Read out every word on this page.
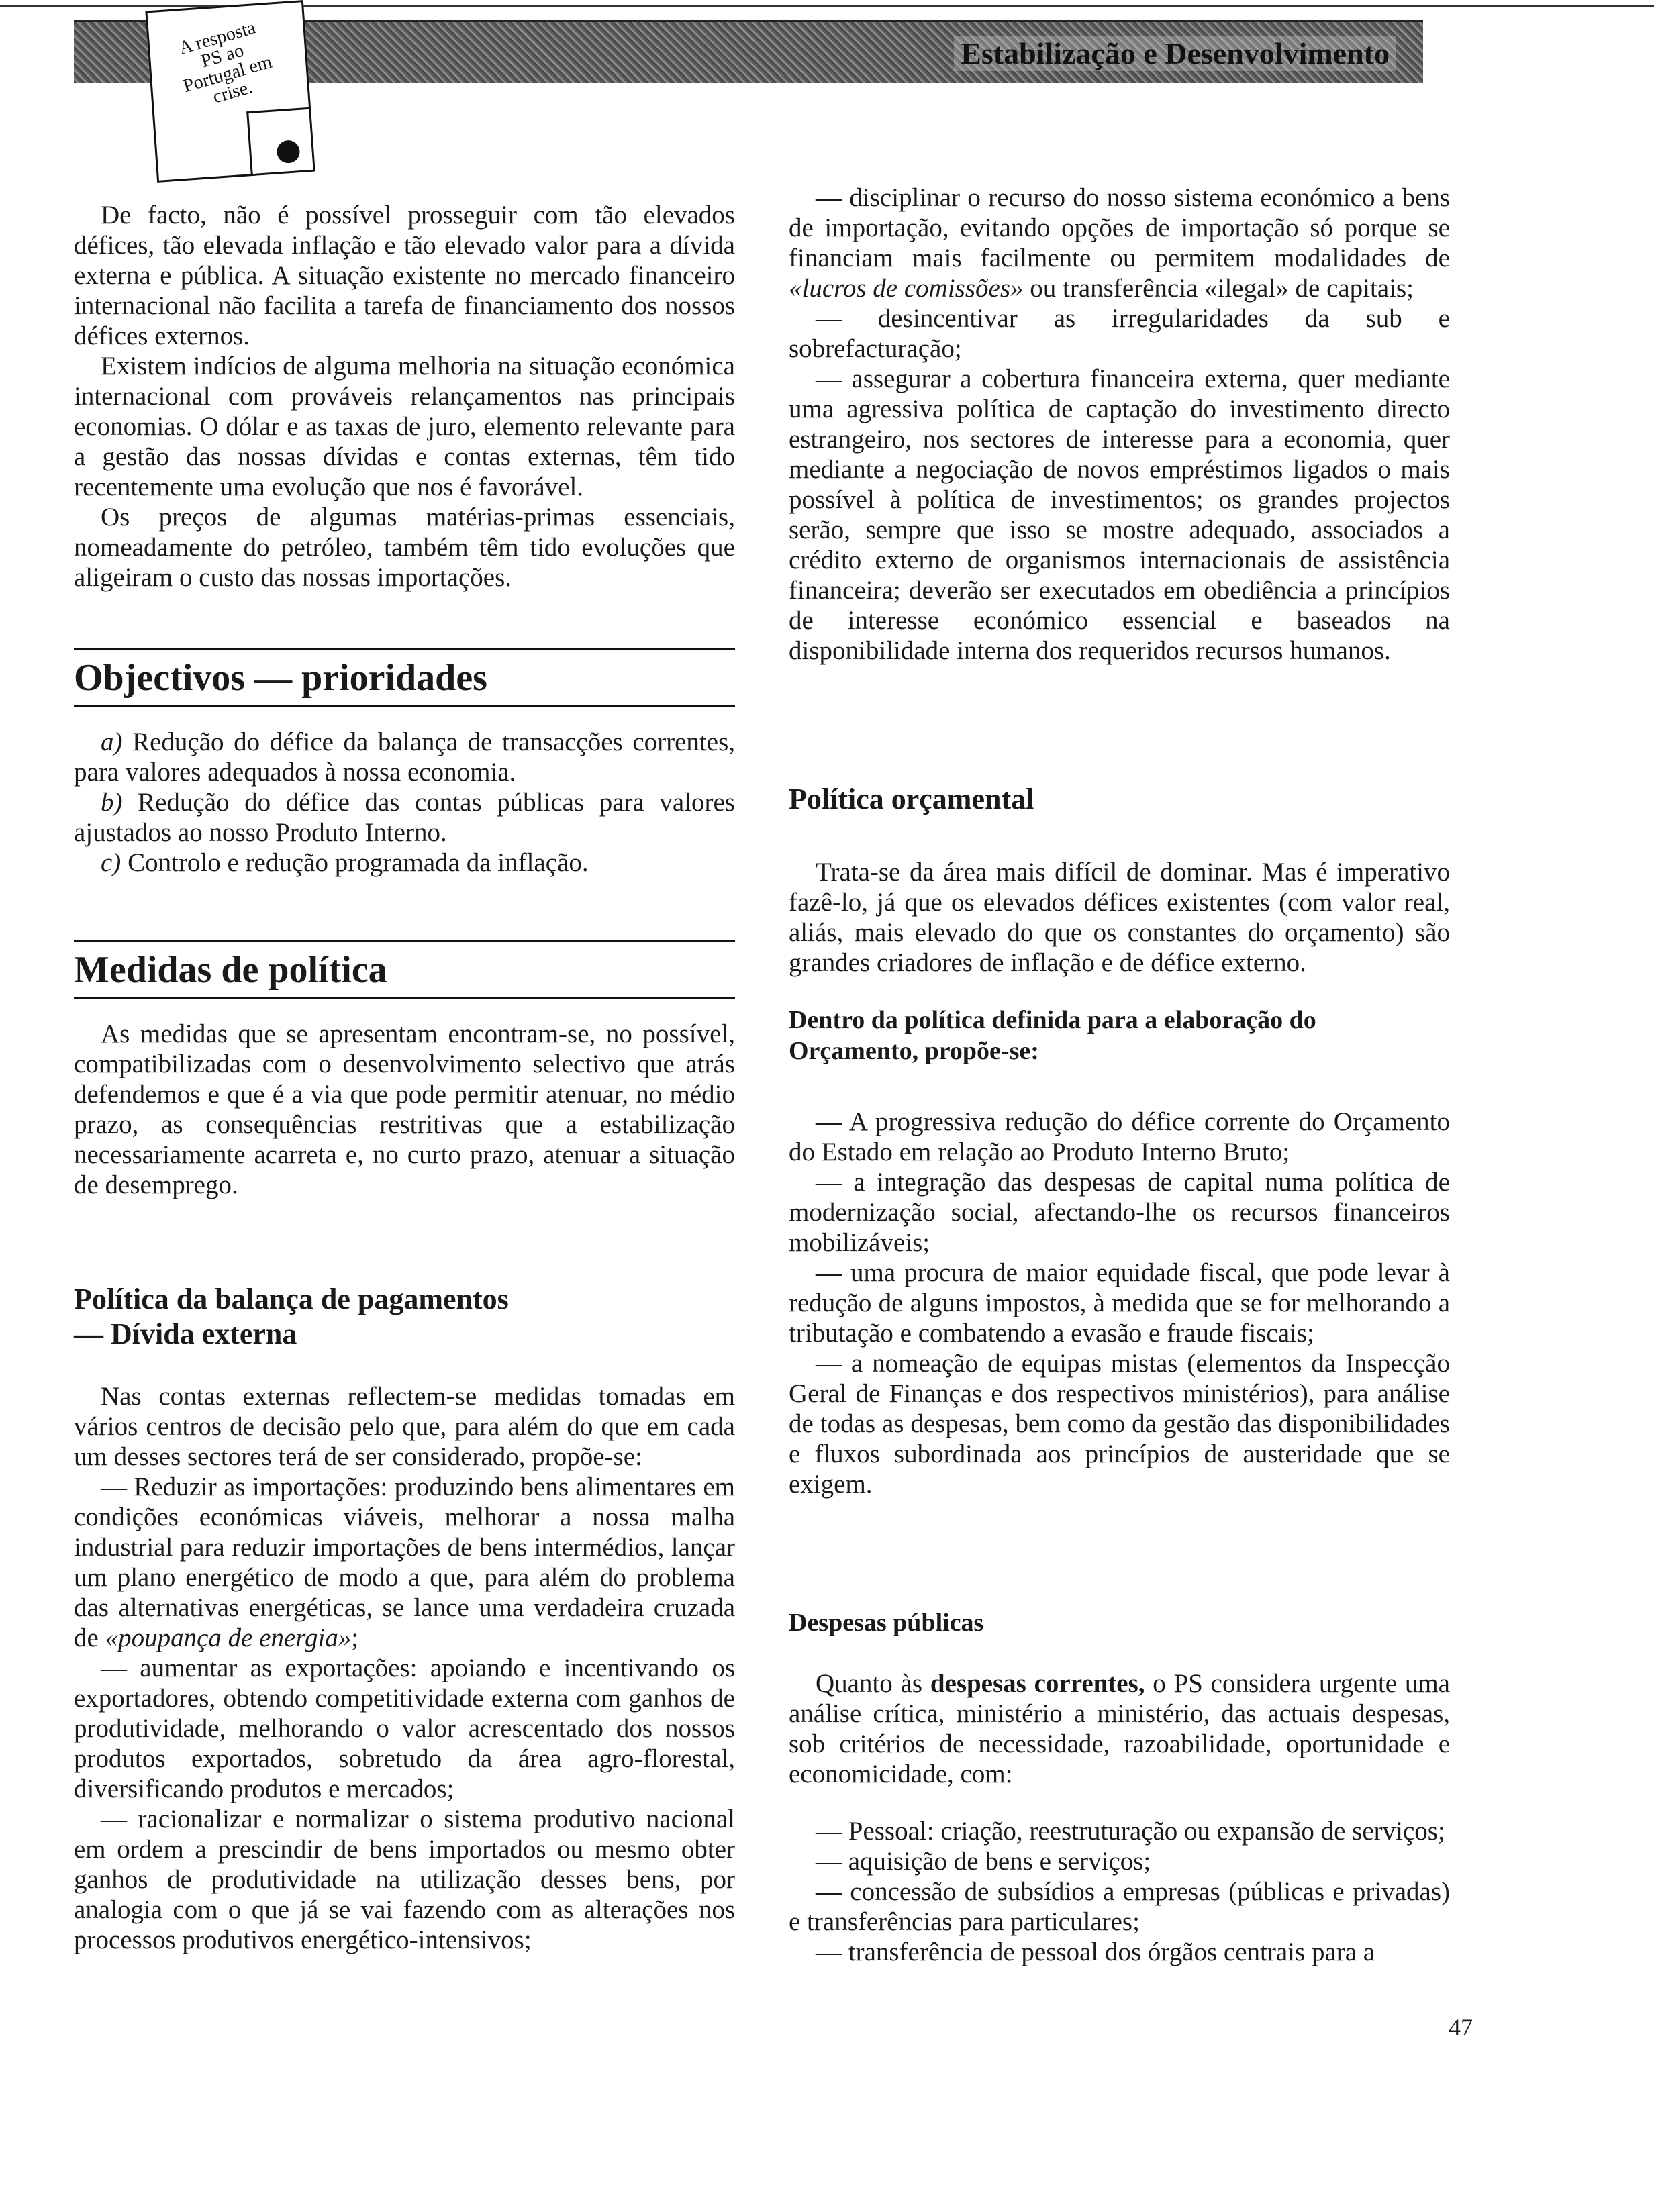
Estabilização e Desenvolvimento
A resposta PS ao Portugal em crise.

De facto, não é possível prosseguir com tão elevados défices, tão elevada inflação e tão elevado valor para a dívida externa e pública. A situação existente no mercado financeiro internacional não facilita a tarefa de financiamento dos nossos défices externos.

Existem indícios de alguma melhoria na situação económica internacional com prováveis relançamentos nas principais economias. O dólar e as taxas de juro, elemento relevante para a gestão das nossas dívidas e contas externas, têm tido recentemente uma evolução que nos é favorável.

Os preços de algumas matérias-primas essenciais, nomeadamente do petróleo, também têm tido evoluções que aligeiram o custo das nossas importações.

Objectivos — prioridades

a) Redução do défice da balança de transacções correntes, para valores adequados à nossa economia.

b) Redução do défice das contas públicas para valores ajustados ao nosso Produto Interno.

c) Controlo e redução programada da inflação.

Medidas de política

As medidas que se apresentam encontram-se, no possível, compatibilizadas com o desenvolvimento selectivo que atrás defendemos e que é a via que pode permitir atenuar, no médio prazo, as consequências restritivas que a estabilização necessariamente acarreta e, no curto prazo, atenuar a situação de desemprego.

Política da balança de pagamentos
— Dívida externa

Nas contas externas reflectem-se medidas tomadas em vários centros de decisão pelo que, para além do que em cada um desses sectores terá de ser considerado, propõe-se:

— Reduzir as importações: produzindo bens alimentares em condições económicas viáveis, melhorar a nossa malha industrial para reduzir importações de bens intermédios, lançar um plano energético de modo a que, para além do problema das alternativas energéticas, se lance uma verdadeira cruzada de «poupança de energia»;

— aumentar as exportações: apoiando e incentivando os exportadores, obtendo competitividade externa com ganhos de produtividade, melhorando o valor acrescentado dos nossos produtos exportados, sobretudo da área agro-florestal, diversificando produtos e mercados;

— racionalizar e normalizar o sistema produtivo nacional em ordem a prescindir de bens importados ou mesmo obter ganhos de produtividade na utilização desses bens, por analogia com o que já se vai fazendo com as alterações nos processos produtivos energético-intensivos;

— disciplinar o recurso do nosso sistema económico a bens de importação, evitando opções de importação só porque se financiam mais facilmente ou permitem modalidades de «lucros de comissões» ou transferência «ilegal» de capitais;

— desincentivar as irregularidades da sub e sobrefacturação;

— assegurar a cobertura financeira externa, quer mediante uma agressiva política de captação do investimento directo estrangeiro, nos sectores de interesse para a economia, quer mediante a negociação de novos empréstimos ligados o mais possível à política de investimentos; os grandes projectos serão, sempre que isso se mostre adequado, associados a crédito externo de organismos internacionais de assistência financeira; deverão ser executados em obediência a princípios de interesse económico essencial e baseados na disponibilidade interna dos requeridos recursos humanos.

Política orçamental

Trata-se da área mais difícil de dominar. Mas é imperativo fazê-lo, já que os elevados défices existentes (com valor real, aliás, mais elevado do que os constantes do orçamento) são grandes criadores de inflação e de défice externo.

Dentro da política definida para a elaboração do Orçamento, propõe-se:

— A progressiva redução do défice corrente do Orçamento do Estado em relação ao Produto Interno Bruto;

— a integração das despesas de capital numa política de modernização social, afectando-lhe os recursos financeiros mobilizáveis;

— uma procura de maior equidade fiscal, que pode levar à redução de alguns impostos, à medida que se for melhorando a tributação e combatendo a evasão e fraude fiscais;

— a nomeação de equipas mistas (elementos da Inspecção Geral de Finanças e dos respectivos ministérios), para análise de todas as despesas, bem como da gestão das disponibilidades e fluxos subordinada aos princípios de austeridade que se exigem.

Despesas públicas

Quanto às despesas correntes, o PS considera urgente uma análise crítica, ministério a ministério, das actuais despesas, sob critérios de necessidade, razoabilidade, oportunidade e economicidade, com:

— Pessoal: criação, reestruturação ou expansão de serviços;

— aquisição de bens e serviços;

— concessão de subsídios a empresas (públicas e privadas) e transferências para particulares;

— transferência de pessoal dos órgãos centrais para a

47
